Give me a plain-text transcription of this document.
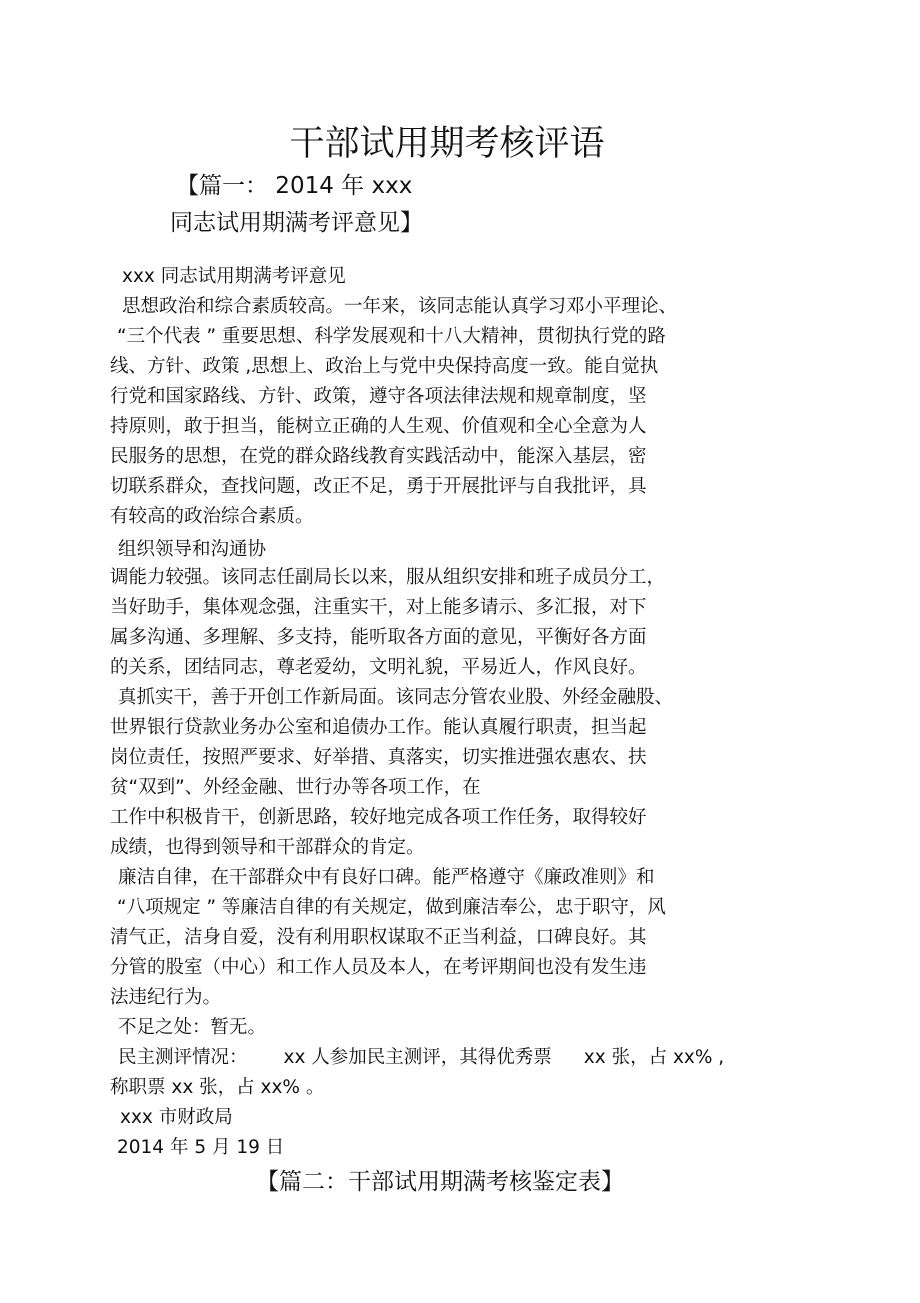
干部试用期考核评语
【篇一： 2014 年 xxx
同志试用期满考评意见】
xxx 同志试用期满考评意见
思想政治和综合素质较高。一年来，该同志能认真学习邓小平理论、
“三个代表 ” 重要思想、科学发展观和十八大精神，贯彻执行党的路
线、方针、政策 ,思想上、政治上与党中央保持高度一致。能自觉执
行党和国家路线、方针、政策，遵守各项法律法规和规章制度，坚
持原则，敢于担当，能树立正确的人生观、价值观和全心全意为人
民服务的思想，在党的群众路线教育实践活动中，能深入基层，密
切联系群众，查找问题，改正不足，勇于开展批评与自我批评，具
有较高的政治综合素质。
组织领导和沟通协
调能力较强。该同志任副局长以来，服从组织安排和班子成员分工，
当好助手，集体观念强，注重实干，对上能多请示、多汇报，对下
属多沟通、多理解、多支持，能听取各方面的意见，平衡好各方面
的关系，团结同志，尊老爱幼，文明礼貌，平易近人，作风良好。
真抓实干，善于开创工作新局面。该同志分管农业股、外经金融股、
世界银行贷款业务办公室和追债办工作。能认真履行职责，担当起
岗位责任，按照严要求、好举措、真落实，切实推进强农惠农、扶
贫“双到”、外经金融、世行办等各项工作，在
工作中积极肯干，创新思路，较好地完成各项工作任务，取得较好
成绩，也得到领导和干部群众的肯定。
廉洁自律，在干部群众中有良好口碑。能严格遵守《廉政准则》和
“八项规定 ” 等廉洁自律的有关规定，做到廉洁奉公，忠于职守，风
清气正，洁身自爱，没有利用职权谋取不正当利益，口碑良好。其
分管的股室（中心）和工作人员及本人，在考评期间也没有发生违
法违纪行为。
不足之处：暂无。
民主测评情况： xx 人参加民主测评，其得优秀票 xx 张，占 xx% ,
称职票 xx 张，占 xx% 。
xxx 市财政局
2014 年 5 月 19 日
【篇二：干部试用期满考核鉴定表】
